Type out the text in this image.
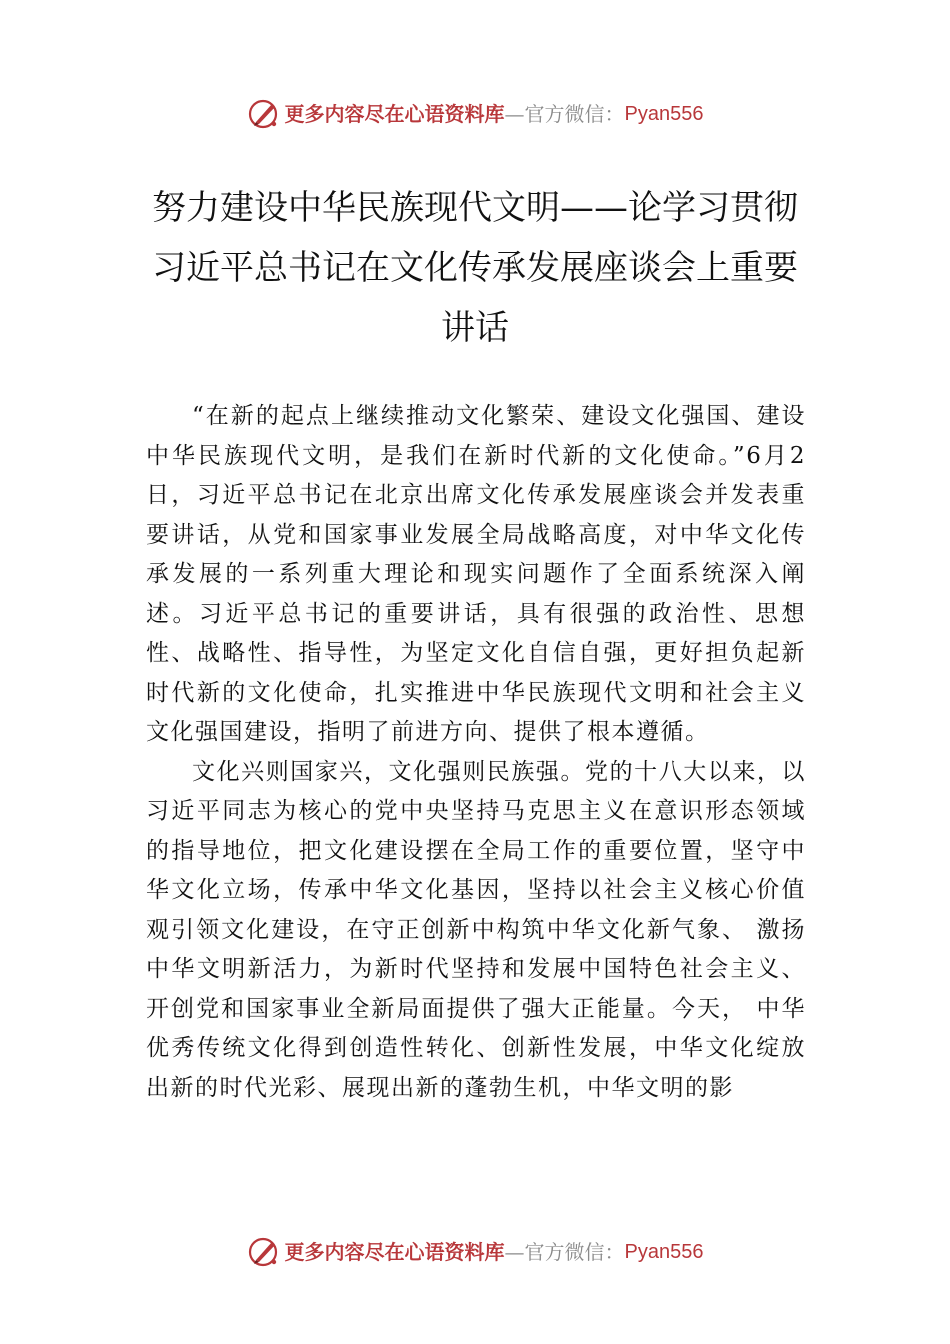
更多内容尽在心语资料库 — 官方微信： Pyan556
努力建设中华民族现代文明——论学习贯彻习近平总书记在文化传承发展座谈会上重要讲话

“在新的起点上继续推动文化繁荣、建设文化强国、建设中华民族现代文明，是我们在新时代新的文化使命。”6月2日，习近平总书记在北京出席文化传承发展座谈会并发表重要讲话，从党和国家事业发展全局战略高度，对中华文化传承发展的一系列重大理论和现实问题作了全面系统深入阐述。习近平总书记的重要讲话，具有很强的政治性、思想性、战略性、指导性，为坚定文化自信自强，更好担负起新时代新的文化使命，扎实推进中华民族现代文明和社会主义文化强国建设，指明了前进方向、提供了根本遵循。

文化兴则国家兴，文化强则民族强。党的十八大以来，以习近平同志为核心的党中央坚持马克思主义在意识形态领域的指导地位，把文化建设摆在全局工作的重要位置，坚守中华文化立场，传承中华文化基因，坚持以社会主义核心价值观引领文化建设，在守正创新中构筑中华文化新气象、 激扬中华文明新活力，为新时代坚持和发展中国特色社会主义、开创党和国家事业全新局面提供了强大正能量。今天， 中华优秀传统文化得到创造性转化、创新性发展，中华文化绽放出新的时代光彩、展现出新的蓬勃生机，中华文明的影

更多内容尽在心语资料库 — 官方微信： Pyan556
